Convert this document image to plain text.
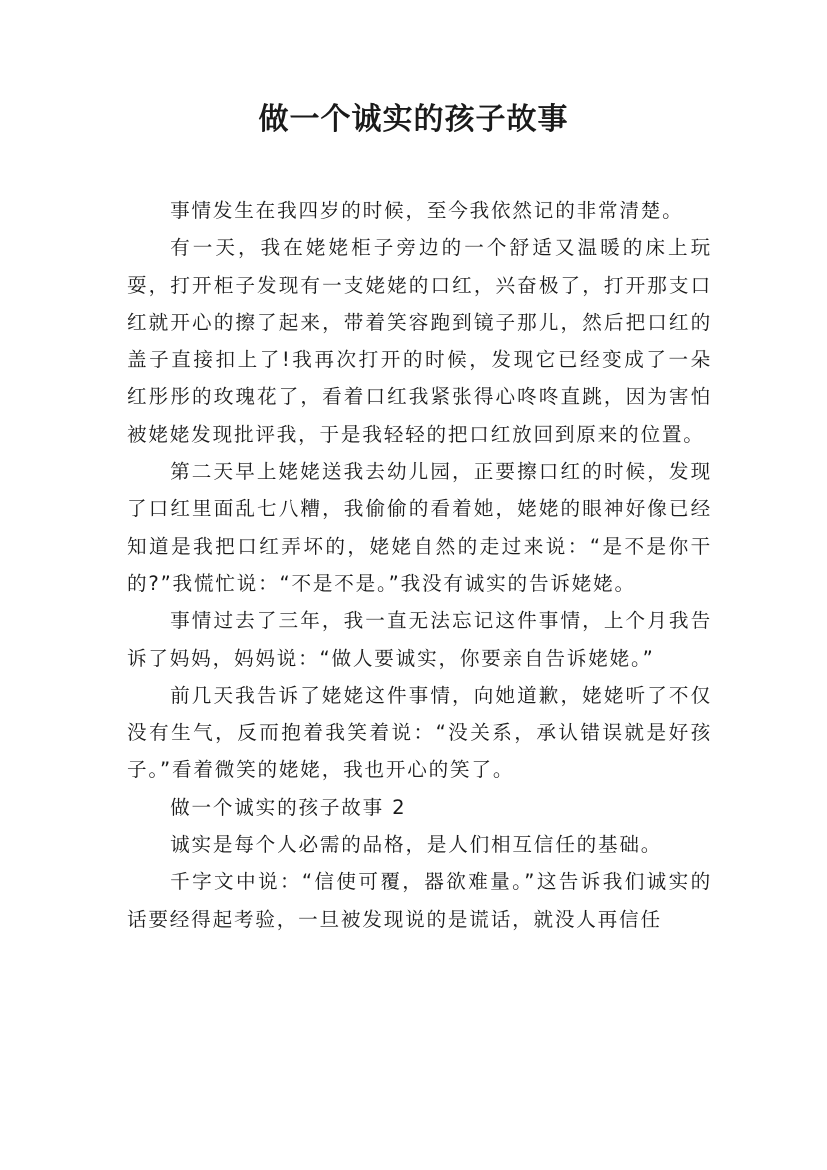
做一个诚实的孩子故事

事情发生在我四岁的时候，至今我依然记的非常清楚。

有一天，我在姥姥柜子旁边的一个舒适又温暖的床上玩耍，打开柜子发现有一支姥姥的口红，兴奋极了，打开那支口红就开心的擦了起来，带着笑容跑到镜子那儿，然后把口红的盖子直接扣上了!我再次打开的时候，发现它已经变成了一朵红彤彤的玫瑰花了，看着口红我紧张得心咚咚直跳，因为害怕被姥姥发现批评我，于是我轻轻的把口红放回到原来的位置。

第二天早上姥姥送我去幼儿园，正要擦口红的时候，发现了口红里面乱七八糟，我偷偷的看着她，姥姥的眼神好像已经知道是我把口红弄坏的，姥姥自然的走过来说：“是不是你干的?”我慌忙说：“不是不是。”我没有诚实的告诉姥姥。

事情过去了三年，我一直无法忘记这件事情，上个月我告诉了妈妈，妈妈说：“做人要诚实，你要亲自告诉姥姥。”

前几天我告诉了姥姥这件事情，向她道歉，姥姥听了不仅没有生气，反而抱着我笑着说：“没关系，承认错误就是好孩子。”看着微笑的姥姥，我也开心的笑了。

做一个诚实的孩子故事 2

诚实是每个人必需的品格，是人们相互信任的基础。

千字文中说：“信使可覆，器欲难量。”这告诉我们诚实的话要经得起考验，一旦被发现说的是谎话，就没人再信任
